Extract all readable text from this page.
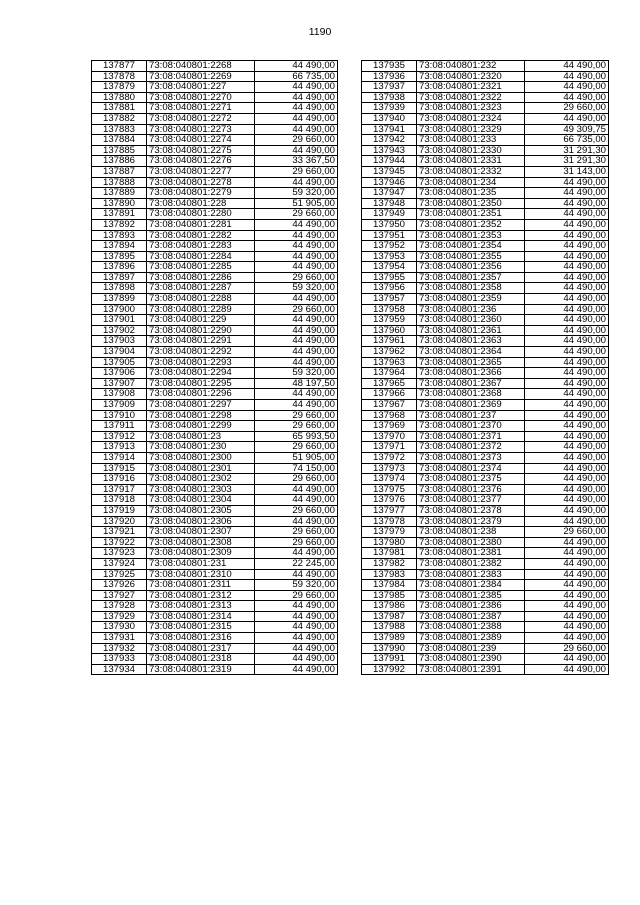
1190
137877	73:08:040801:2268	44 490,00
137878	73:08:040801:2269	66 735,00
137879	73:08:040801:227	44 490,00
137880	73:08:040801:2270	44 490,00
137881	73:08:040801:2271	44 490,00
137882	73:08:040801:2272	44 490,00
137883	73:08:040801:2273	44 490,00
137884	73:08:040801:2274	29 660,00
137885	73:08:040801:2275	44 490,00
137886	73:08:040801:2276	33 367,50
137887	73:08:040801:2277	29 660,00
137888	73:08:040801:2278	44 490,00
137889	73:08:040801:2279	59 320,00
137890	73:08:040801:228	51 905,00
137891	73:08:040801:2280	29 660,00
137892	73:08:040801:2281	44 490,00
137893	73:08:040801:2282	44 490,00
137894	73:08:040801:2283	44 490,00
137895	73:08:040801:2284	44 490,00
137896	73:08:040801:2285	44 490,00
137897	73:08:040801:2286	29 660,00
137898	73:08:040801:2287	59 320,00
137899	73:08:040801:2288	44 490,00
137900	73:08:040801:2289	29 660,00
137901	73:08:040801:229	44 490,00
137902	73:08:040801:2290	44 490,00
137903	73:08:040801:2291	44 490,00
137904	73:08:040801:2292	44 490,00
137905	73:08:040801:2293	44 490,00
137906	73:08:040801:2294	59 320,00
137907	73:08:040801:2295	48 197,50
137908	73:08:040801:2296	44 490,00
137909	73:08:040801:2297	44 490,00
137910	73:08:040801:2298	29 660,00
137911	73:08:040801:2299	29 660,00
137912	73:08:040801:23	65 993,50
137913	73:08:040801:230	29 660,00
137914	73:08:040801:2300	51 905,00
137915	73:08:040801:2301	74 150,00
137916	73:08:040801:2302	29 660,00
137917	73:08:040801:2303	44 490,00
137918	73:08:040801:2304	44 490,00
137919	73:08:040801:2305	29 660,00
137920	73:08:040801:2306	44 490,00
137921	73:08:040801:2307	29 660,00
137922	73:08:040801:2308	29 660,00
137923	73:08:040801:2309	44 490,00
137924	73:08:040801:231	22 245,00
137925	73:08:040801:2310	44 490,00
137926	73:08:040801:2311	59 320,00
137927	73:08:040801:2312	29 660,00
137928	73:08:040801:2313	44 490,00
137929	73:08:040801:2314	44 490,00
137930	73:08:040801:2315	44 490,00
137931	73:08:040801:2316	44 490,00
137932	73:08:040801:2317	44 490,00
137933	73:08:040801:2318	44 490,00
137934	73:08:040801:2319	44 490,00
137935	73:08:040801:232	44 490,00
137936	73:08:040801:2320	44 490,00
137937	73:08:040801:2321	44 490,00
137938	73:08:040801:2322	44 490,00
137939	73:08:040801:2323	29 660,00
137940	73:08:040801:2324	44 490,00
137941	73:08:040801:2329	49 309,75
137942	73:08:040801:233	66 735,00
137943	73:08:040801:2330	31 291,30
137944	73:08:040801:2331	31 291,30
137945	73:08:040801:2332	31 143,00
137946	73:08:040801:234	44 490,00
137947	73:08:040801:235	44 490,00
137948	73:08:040801:2350	44 490,00
137949	73:08:040801:2351	44 490,00
137950	73:08:040801:2352	44 490,00
137951	73:08:040801:2353	44 490,00
137952	73:08:040801:2354	44 490,00
137953	73:08:040801:2355	44 490,00
137954	73:08:040801:2356	44 490,00
137955	73:08:040801:2357	44 490,00
137956	73:08:040801:2358	44 490,00
137957	73:08:040801:2359	44 490,00
137958	73:08:040801:236	44 490,00
137959	73:08:040801:2360	44 490,00
137960	73:08:040801:2361	44 490,00
137961	73:08:040801:2363	44 490,00
137962	73:08:040801:2364	44 490,00
137963	73:08:040801:2365	44 490,00
137964	73:08:040801:2366	44 490,00
137965	73:08:040801:2367	44 490,00
137966	73:08:040801:2368	44 490,00
137967	73:08:040801:2369	44 490,00
137968	73:08:040801:237	44 490,00
137969	73:08:040801:2370	44 490,00
137970	73:08:040801:2371	44 490,00
137971	73:08:040801:2372	44 490,00
137972	73:08:040801:2373	44 490,00
137973	73:08:040801:2374	44 490,00
137974	73:08:040801:2375	44 490,00
137975	73:08:040801:2376	44 490,00
137976	73:08:040801:2377	44 490,00
137977	73:08:040801:2378	44 490,00
137978	73:08:040801:2379	44 490,00
137979	73:08:040801:238	29 660,00
137980	73:08:040801:2380	44 490,00
137981	73:08:040801:2381	44 490,00
137982	73:08:040801:2382	44 490,00
137983	73:08:040801:2383	44 490,00
137984	73:08:040801:2384	44 490,00
137985	73:08:040801:2385	44 490,00
137986	73:08:040801:2386	44 490,00
137987	73:08:040801:2387	44 490,00
137988	73:08:040801:2388	44 490,00
137989	73:08:040801:2389	44 490,00
137990	73:08:040801:239	29 660,00
137991	73:08:040801:2390	44 490,00
137992	73:08:040801:2391	44 490,00
